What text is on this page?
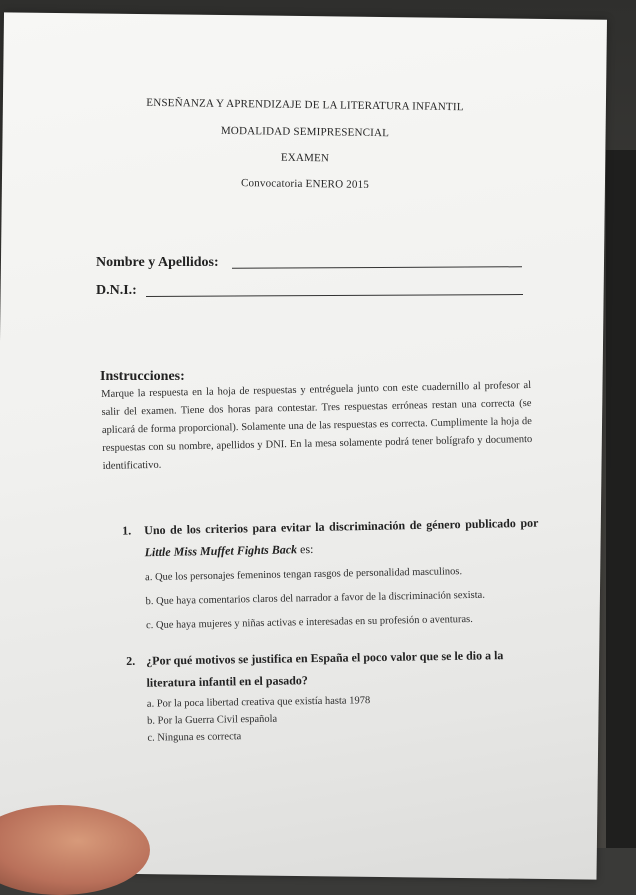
ENSEÑANZA Y APRENDIZAJE DE LA LITERATURA INFANTIL
MODALIDAD SEMIPRESENCIAL
EXAMEN
Convocatoria ENERO 2015
Nombre y Apellidos:
D.N.I.:
Instrucciones:
Marque la respuesta en la hoja de respuestas y entréguela junto con este cuadernillo al profesor al salir del examen. Tiene dos horas para contestar. Tres respuestas erróneas restan una correcta (se aplicará de forma proporcional). Solamente una de las respuestas es correcta. Cumplimente la hoja de respuestas con su nombre, apellidos y DNI. En la mesa solamente podrá tener bolígrafo y documento identificativo.
1. Uno de los criterios para evitar la discriminación de género publicado por Little Miss Muffet Fights Back es:
a. Que los personajes femeninos tengan rasgos de personalidad masculinos.
b. Que haya comentarios claros del narrador a favor de la discriminación sexista.
c. Que haya mujeres y niñas activas e interesadas en su profesión o aventuras.
2. ¿Por qué motivos se justifica en España el poco valor que se le dio a la
literatura infantil en el pasado?
a. Por la poca libertad creativa que existía hasta 1978
b. Por la Guerra Civil española
c. Ninguna es correcta
